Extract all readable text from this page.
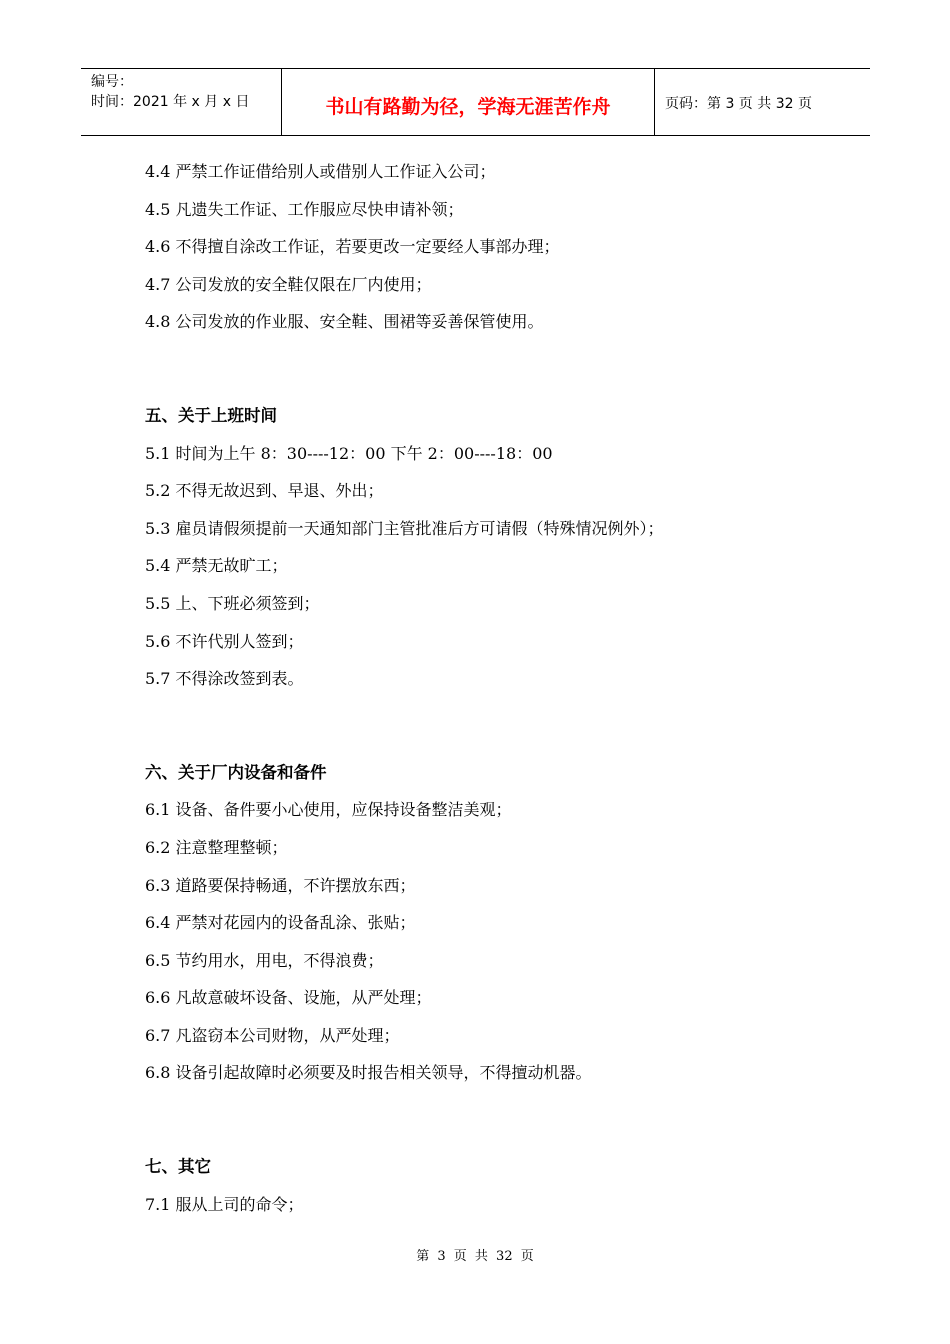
编号：
时间：2021 年 x 月 x 日	书山有路勤为径，学海无涯苦作舟	页码：第 3 页 共 32 页
4.4 严禁工作证借给别人或借别人工作证入公司；
4.5 凡遗失工作证、工作服应尽快申请补领；
4.6 不得擅自涂改工作证，若要更改一定要经人事部办理；
4.7 公司发放的安全鞋仅限在厂内使用；
4.8 公司发放的作业服、安全鞋、围裙等妥善保管使用。
五、关于上班时间
5.1 时间为上午 8：30----12：00 下午 2：00----18：00
5.2 不得无故迟到、早退、外出；
5.3 雇员请假须提前一天通知部门主管批准后方可请假（特殊情况例外）；
5.4 严禁无故旷工；
5.5 上、下班必须签到；
5.6 不许代别人签到；
5.7 不得涂改签到表。
六、关于厂内设备和备件
6.1 设备、备件要小心使用，应保持设备整洁美观；
6.2 注意整理整顿；
6.3 道路要保持畅通，不许摆放东西；
6.4 严禁对花园内的设备乱涂、张贴；
6.5 节约用水，用电，不得浪费；
6.6 凡故意破坏设备、设施，从严处理；
6.7 凡盗窃本公司财物，从严处理；
6.8 设备引起故障时必须要及时报告相关领导，不得擅动机器。
七、其它
7.1 服从上司的命令；
第 3 页 共 32 页
